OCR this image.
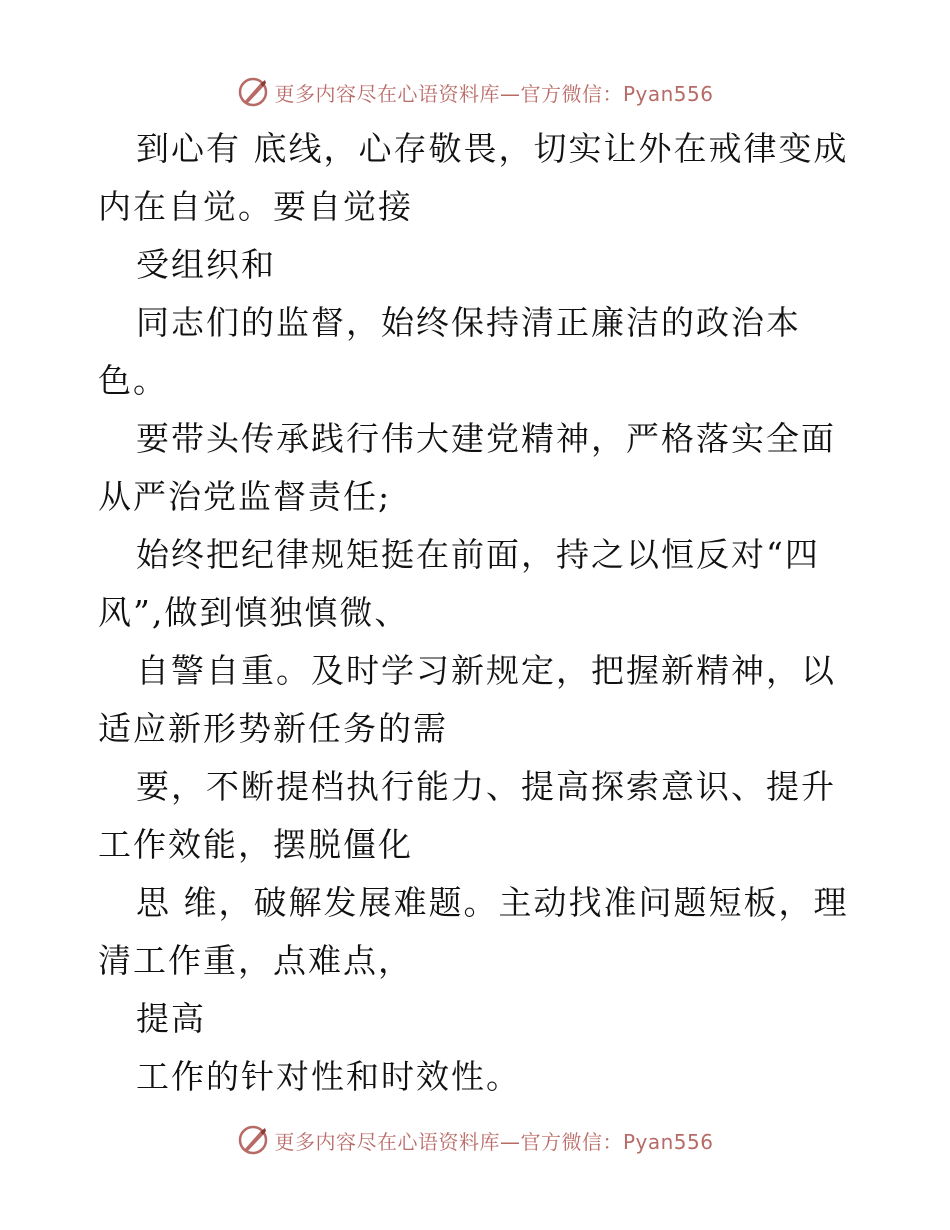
更多内容尽在心语资料库—官方微信：Pyan556

到心有 底线，心存敬畏，切实让外在戒律变成内在自觉。要自觉接

受组织和

同志们的监督，始终保持清正廉洁的政治本色。

要带头传承践行伟大建党精神，严格落实全面从严治党监督责任;

始终把纪律规矩挺在前面，持之以恒反对“四风”,做到慎独慎微、

自警自重。及时学习新规定，把握新精神，以适应新形势新任务的需

要，不断提档执行能力、提高探索意识、提升工作效能，摆脱僵化

思 维，破解发展难题。主动找准问题短板，理清工作重，点难点，

提高

工作的针对性和时效性。

更多内容尽在心语资料库—官方微信：Pyan556
